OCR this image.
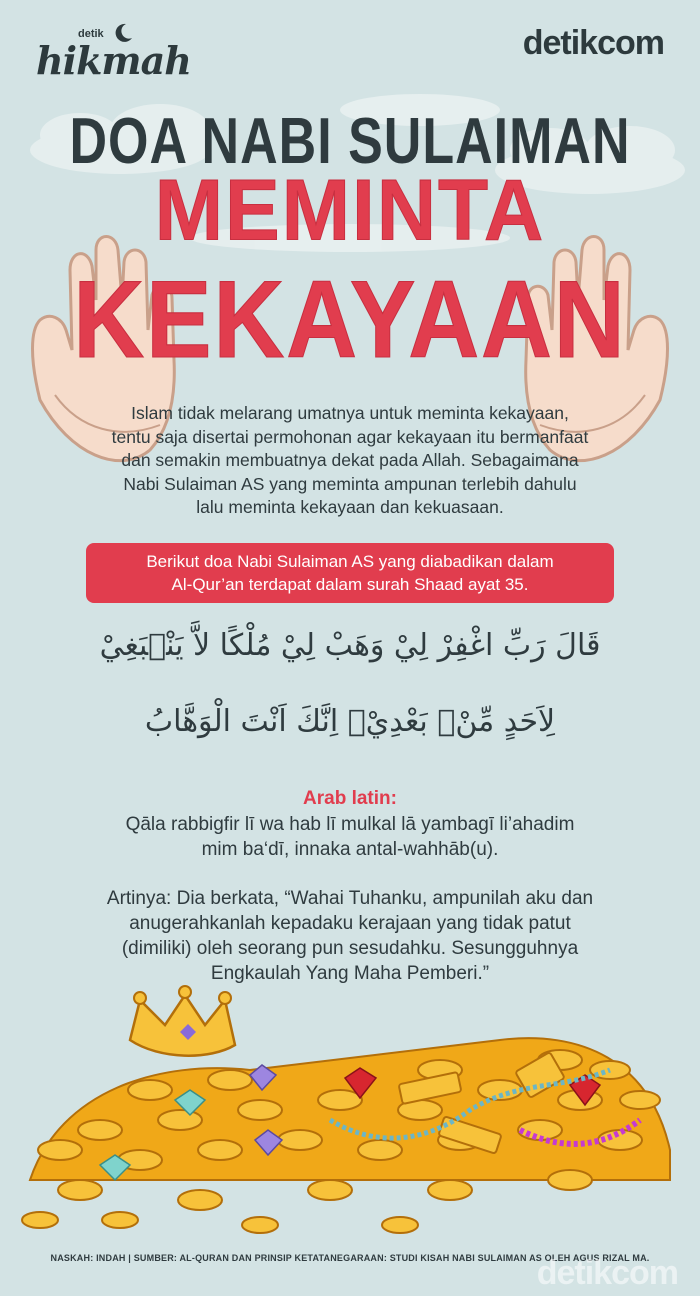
detik
hikmah	detikcom
DOA NABI SULAIMAN
MEMINTA
KEKAYAAN
Islam tidak melarang umatnya untuk meminta kekayaan,
tentu saja disertai permohonan agar kekayaan itu bermanfaat
dan semakin membuatnya dekat pada Allah. Sebagaimana
Nabi Sulaiman AS yang meminta ampunan terlebih dahulu
lalu meminta kekayaan dan kekuasaan.
Berikut doa Nabi Sulaiman AS yang diabadikan dalam
Al-Qur’an terdapat dalam surah Shaad ayat 35.
قَالَ رَبِّ اغْفِرْ لِيْ وَهَبْ لِيْ مُلْكًا لاَّ يَنْۢبَغِيْ
لِاَحَدٍ مِّنْۢ بَعْدِيْۚ اِنَّكَ اَنْتَ الْوَهَّابُ
Arab latin:
Qāla rabbigfir lī wa hab lī mulkal lā yambagī li’ahadim
mim ba‘dī, innaka antal-wahhāb(u).
Artinya: Dia berkata, “Wahai Tuhanku, ampunilah aku dan
anugerahkanlah kepadaku kerajaan yang tidak patut
(dimiliki) oleh seorang pun sesudahku. Sesungguhnya
Engkaulah Yang Maha Pemberi.”
NASKAH: INDAH | SUMBER: AL-QURAN DAN PRINSIP KETATANEGARAAN: STUDI KISAH NABI SULAIMAN AS OLEH AGUS RIZAL MA.
detikcom
